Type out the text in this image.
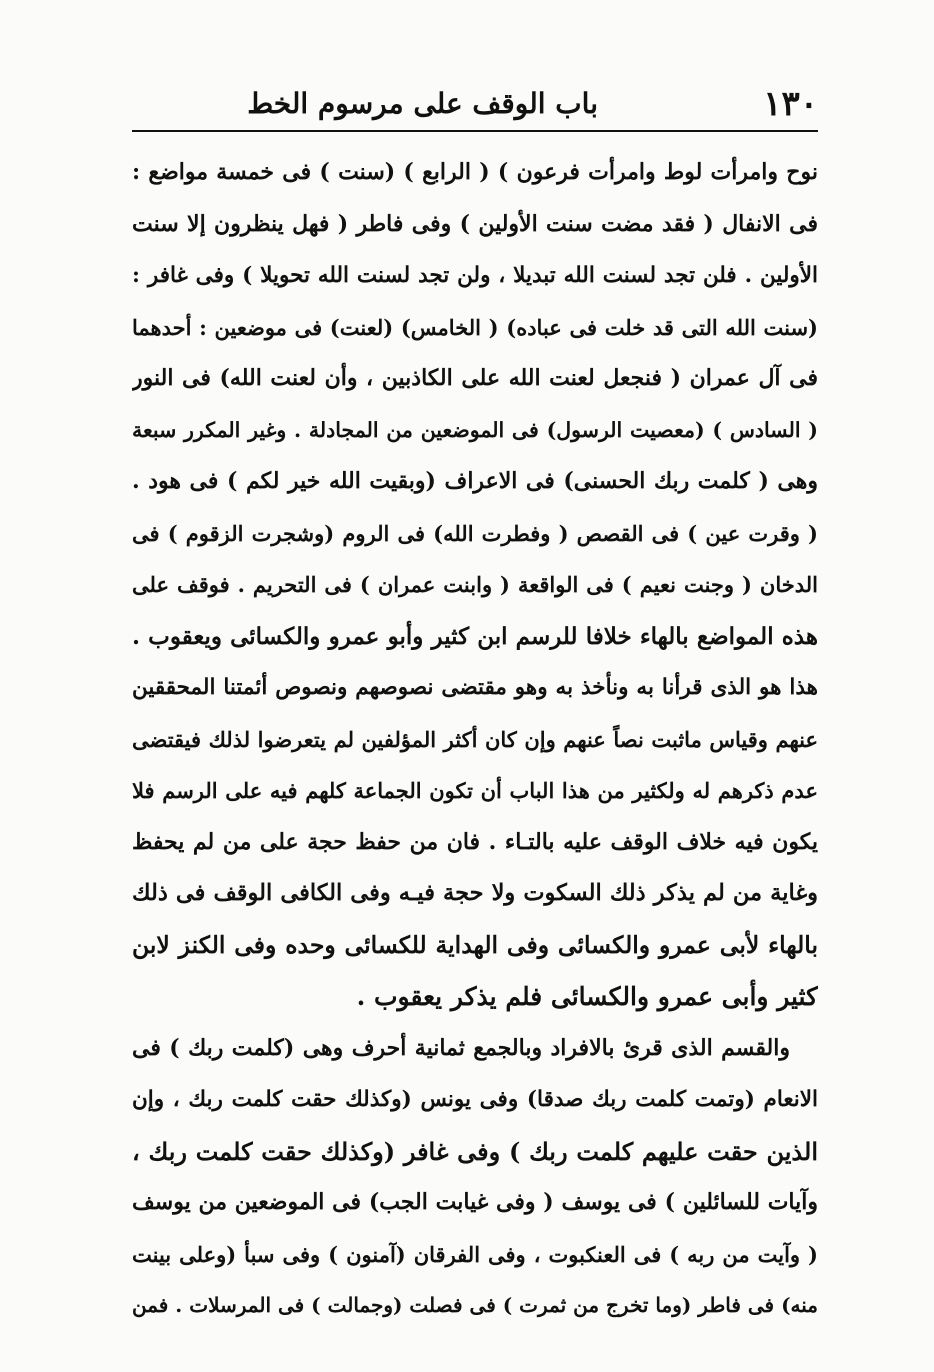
١٣٠
باب الوقف على مرسوم الخط
نوح وامرأت لوط وامرأت فرعون ) ( الرابع ) (سنت ) فى خمسة مواضع :
فى الانفال ( فقد مضت سنت الأولين ) وفى فاطر ( فهل ينظرون إلا سنت
الأولين . فلن تجد لسنت الله تبديلا ، ولن تجد لسنت الله تحويلا ) وفى غافر :
(سنت الله التى قد خلت فى عباده) ( الخامس) (لعنت) فى موضعين : أحدهما
فى آل عمران ( فنجعل لعنت الله على الكاذبين ، وأن لعنت الله) فى النور
( السادس ) (معصيت الرسول) فى الموضعين من المجادلة . وغير المكرر سبعة
وهى ( كلمت ربك الحسنى) فى الاعراف (وبقيت الله خير لكم ) فى هود .
( وقرت عين ) فى القصص ( وفطرت الله) فى الروم (وشجرت الزقوم ) فى
الدخان ( وجنت نعيم ) فى الواقعة ( وابنت عمران ) فى التحريم . فوقف على
هذه المواضع بالهاء خلافا للرسم ابن كثير وأبو عمرو والكسائى ويعقوب .
هذا هو الذى قرأنا به ونأخذ به وهو مقتضى نصوصهم ونصوص أئمتنا المحققين
عنهم وقياس ماثبت نصاً عنهم وإن كان أكثر المؤلفين لم يتعرضوا لذلك فيقتضى
عدم ذكرهم له ولكثير من هذا الباب أن تكون الجماعة كلهم فيه على الرسم فلا
يكون فيه خلاف الوقف عليه بالتـاء . فان من حفظ حجة على من لم يحفظ
وغاية من لم يذكر ذلك السكوت ولا حجة فيـه وفى الكافى الوقف فى ذلك
بالهاء لأبى عمرو والكسائى وفى الهداية للكسائى وحده وفى الكنز لابن
كثير وأبى عمرو والكسائى فلم يذكر يعقوب .
والقسم الذى قرئ بالافراد وبالجمع ثمانية أحرف وهى (كلمت ربك ) فى
الانعام (وتمت كلمت ربك صدقا) وفى يونس (وكذلك حقت كلمت ربك ، وإن
الذين حقت عليهم كلمت ربك ) وفى غافر (وكذلك حقت كلمت ربك ،
وآيات للسائلين ) فى يوسف ( وفى غيابت الجب) فى الموضعين من يوسف
( وآيت من ربه ) فى العنكبوت ، وفى الفرقان (آمنون ) وفى سبأ (وعلى بينت
منه) فى فاطر (وما تخرج من ثمرت ) فى فصلت (وجمالت ) فى المرسلات . فمن
